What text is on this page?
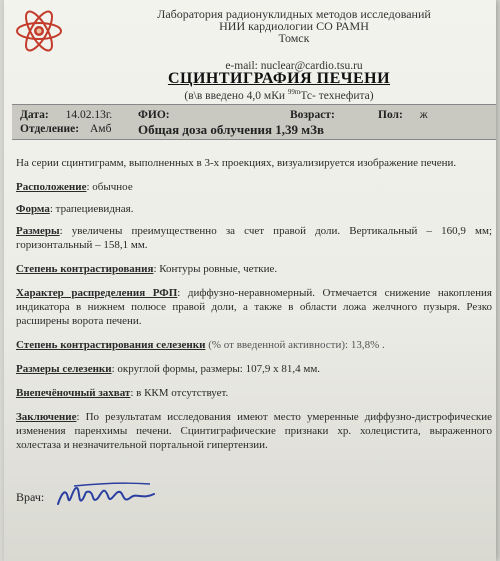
Лаборатория радионуклидных методов исследований
НИИ кардиологии СО РАМН
Томск
e-mail: nuclear@cardio.tsu.ru
СЦИНТИГРАФИЯ ПЕЧЕНИ
(в\в введено 4,0 мКи $^{99m}$Тс- технефита)
Дата: 14.02.13г. ФИО:	Возраст:	Пол: ж
Отделение: Амб Общая доза облучения 1,39 мЗв
На серии сцинтиграмм, выполненных в 3-х проекциях, визуализируется изображение печени.
Расположение: обычное
Форма: трапециевидная.
Размеры: увеличены преимущественно за счет правой доли. Вертикальный – 160,9 мм; горизонтальный – 158,1 мм.
Степень контрастирования: Контуры ровные, четкие.
Характер распределения РФП: диффузно-неравномерный. Отмечается снижение накопления индикатора в нижнем полюсе правой доли, а также в области ложа желчного пузыря. Резко расширены ворота печени.
Степень контрастирования селезенки (% от введенной активности): 13,8% .
Размеры селезенки: округлой формы, размеры: 107,9 х 81,4 мм.
Внепечёночный захват: в ККМ отсутствует.
Заключение: По результатам исследования имеют место умеренные диффузно-дистрофические изменения паренхимы печени. Сцинтиграфические признаки хр. холецистита, выраженного холестаза и незначительной портальной гипертензии.
Врач:
